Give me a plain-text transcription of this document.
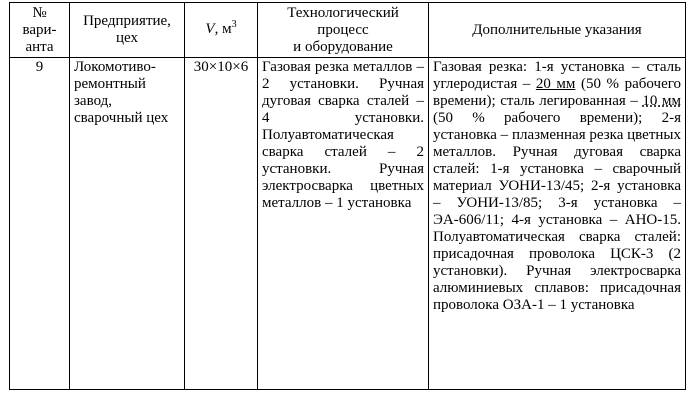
№
вари-
анта	Предприятие, цех	V, $м^3$	Технологический
процесс
и оборудование	Дополнительные указания
9	Локомотиво-ремонтный завод, сварочный цех	30×10×6	Газовая резка металлов – 2 установки. Ручная дуговая сварка сталей – 4 установки. Полуавтоматическая сварка сталей – 2 установки. Ручная электросварка цветных металлов – 1 установка	Газовая резка: 1-я установка – сталь углеродистая – 20 мм (50 % рабочего времени); сталь легированная – 10 мм (50 % рабочего времени); 2-я установка – плазменная резка цветных металлов. Ручная дуговая сварка сталей: 1-я установка – сварочный материал УОНИ-13/45; 2-я установка – УОНИ-13/85; 3-я установка – ЭА-606/11; 4-я установка – АНО-15. Полуавтоматическая сварка сталей: присадочная проволока ЦСК-3 (2 установки). Ручная электросварка алюминиевых сплавов: присадочная проволока ОЗА-1 – 1 установка
